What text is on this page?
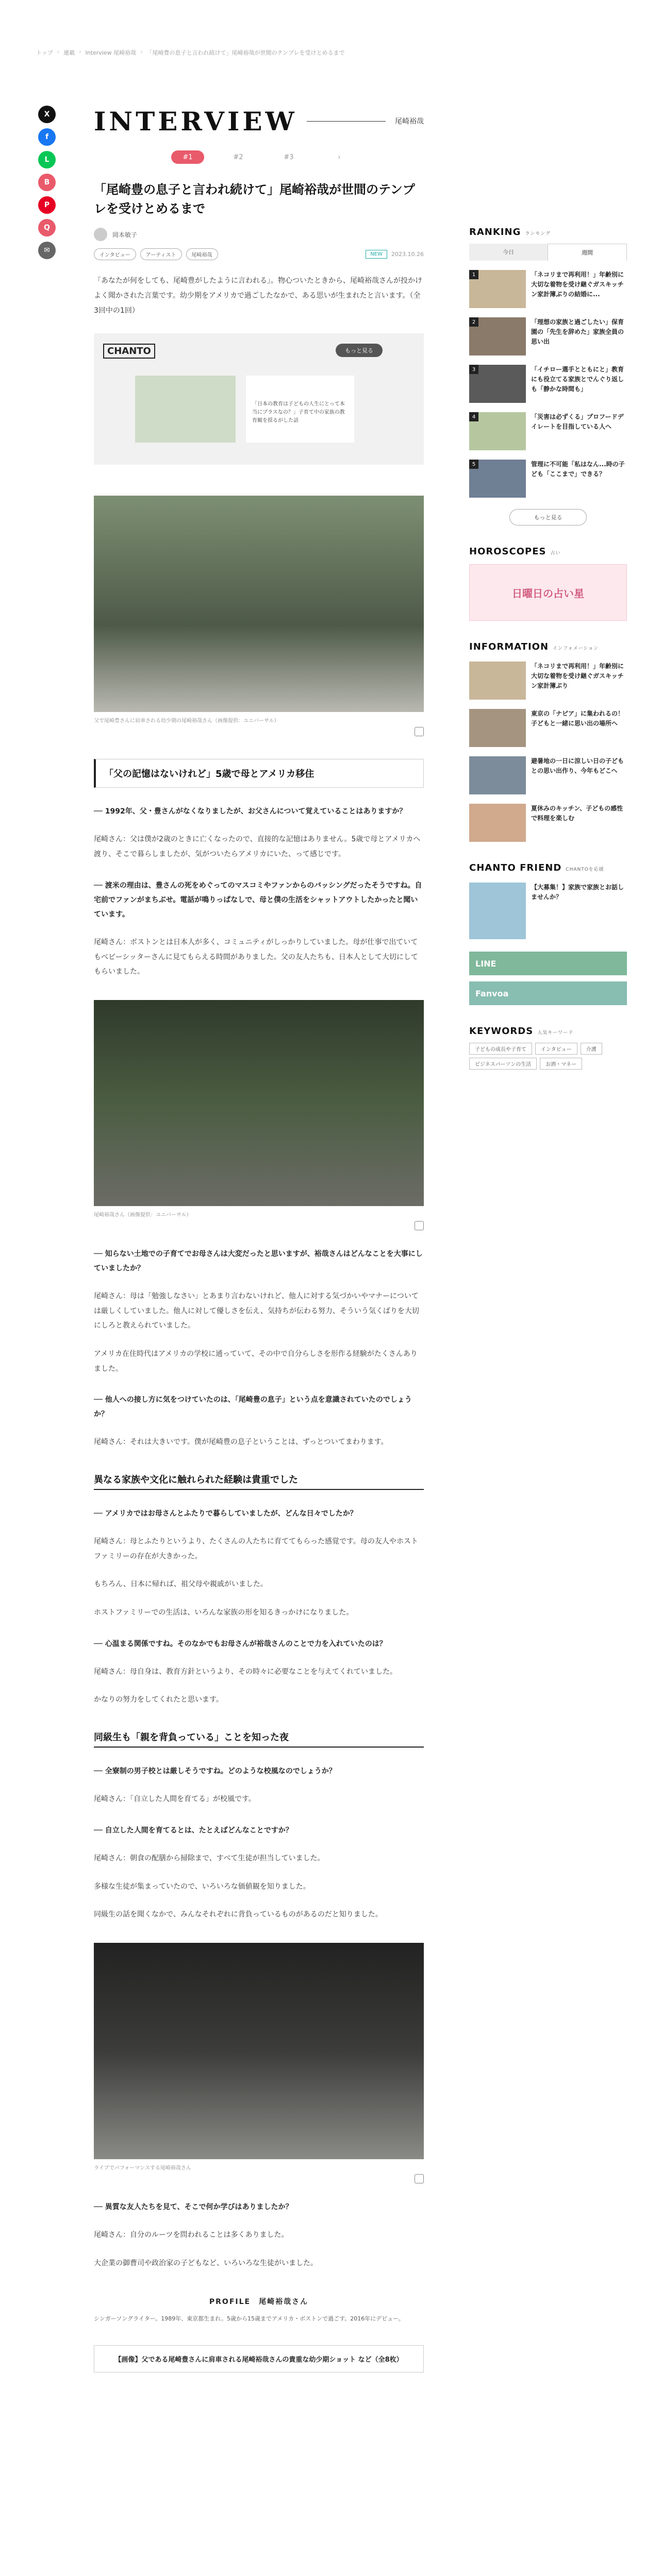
トップ › 連載 › Interview 尾崎裕哉 › 「尾崎豊の息子と言われ続けて」尾崎裕哉が世間のテンプレを受けとめるまで
X
f
L
B
P
Q
✉
INTERVIEW	尾崎裕哉
#1	#2	#3	›
「尾崎豊の息子と言われ続けて」尾崎裕哉が世間のテンプレを受けとめるまで
岡本敏子
インタビュー	アーティスト	尾崎裕哉	NEW	2023.10.26

「あなたが何をしても、尾崎豊がしたように言われる」。物心ついたときから、尾崎裕哉さんが投かけよく聞かされた言葉です。幼少期をアメリカで過ごしたなかで、ある思いが生まれたと言います。（全3回中の1回）

CHANTO	もっと見る
「日本の教育は子どもの人生にとって本当にプラスなの？」子育て中の家族の教育観を揺るがした話
父で尾崎豊さんに肩車される幼少期の尾崎裕哉さん（画像提供：ユニバーサル）
「父の記憶はないけれど」5歳で母とアメリカ移住

── 1992年、父・豊さんがなくなりましたが、お父さんについて覚えていることはありますか？

尾崎さん：父は僕が2歳のときに亡くなったので、直接的な記憶はありません。5歳で母とアメリカへ渡り、そこで暮らしましたが、気がついたらアメリカにいた、って感じです。

── 渡米の理由は、豊さんの死をめぐってのマスコミやファンからのバッシングだったそうですね。自宅前でファンがまちぶせ。電話が鳴りっぱなしで、母と僕の生活をシャットアウトしたかったと聞いています。

尾崎さん：ボストンとは日本人が多く、コミュニティがしっかりしていました。母が仕事で出ていてもベビーシッターさんに見てもらえる時間がありました。父の友人たちも、日本人として大切にしてもらいました。

尾崎裕哉さん（画像提供：ユニバーサル）

── 知らない土地での子育てでお母さんは大変だったと思いますが、裕哉さんはどんなことを大事にしていましたか？

尾崎さん：母は「勉強しなさい」とあまり言わないけれど、他人に対する気づかいやマナーについては厳しくしていました。他人に対して優しさを伝え、気持ちが伝わる努力、そういう気くばりを大切にしろと教えられていました。

アメリカ在住時代はアメリカの学校に通っていて、その中で自分らしさを形作る経験がたくさんありました。

── 他人への接し方に気をつけていたのは、「尾崎豊の息子」という点を意識されていたのでしょうか？

尾崎さん：それは大きいです。僕が尾崎豊の息子ということは、ずっとついてまわります。

異なる家族や文化に触れられた経験は貴重でした

── アメリカではお母さんとふたりで暮らしていましたが、どんな日々でしたか？

尾崎さん：母とふたりというより、たくさんの人たちに育ててもらった感覚です。母の友人やホストファミリーの存在が大きかった。

もちろん、日本に帰れば、祖父母や親戚がいました。

ホストファミリーでの生活は、いろんな家族の形を知るきっかけになりました。

── 心温まる関係ですね。そのなかでもお母さんが裕哉さんのことで力を入れていたのは？

尾崎さん：母自身は、教育方針というより、その時々に必要なことを与えてくれていました。

かなりの努力をしてくれたと思います。

同級生も「親を背負っている」ことを知った夜

── 全寮制の男子校とは厳しそうですね。どのような校風なのでしょうか？

尾崎さん：「自立した人間を育てる」が校風です。

── 自立した人間を育てるとは、たとえばどんなことですか？

尾崎さん：朝食の配膳から掃除まで、すべて生徒が担当していました。

多様な生徒が集まっていたので、いろいろな価値観を知りました。

同級生の話を聞くなかで、みんなそれぞれに背負っているものがあるのだと知りました。

ライブでパフォーマンスする尾崎裕哉さん

── 異質な友人たちを見て、そこで何か学びはありましたか？

尾崎さん：自分のルーツを問われることは多くありました。

大企業の御曹司や政治家の子どもなど、いろいろな生徒がいました。

PROFILE　尾崎裕哉さん

シンガーソングライター。1989年、東京都生まれ。5歳から15歳までアメリカ・ボストンで過ごす。2016年にデビュー。

【画像】父である尾崎豊さんに肩車される尾崎裕哉さんの貴重な幼少期ショット など（全8枚）
RANKING ランキング
今日	週間
1	「ネコリまで再利用！」年齢別に大切な着物を受け継ぐガスキッチン家計簿ぶりの結婚に...
2	「理想の家族と過ごしたい」保育園の「先生を辞めた」家族全員の思い出
3	「イチロー選手とともにと」教育にも役立てる家族とでんぐり返しも「静かな時間も」
4	「災害は必ずくる」プロフードデイレートを目指している人へ
5	管理に不可能「私はなん...時の子ども「ここまで」できる？
もっと見る
HOROSCOPES 占い
日曜日の占い星
INFORMATION インフォメーション
「ネコリまで再利用！」年齢別に大切な着物を受け継ぐガスキッチン家計簿ぶり
東京の「ナピア」に集われるの！子どもと一緒に思い出の場所へ
避暑地の一日に涼しい日の子どもとの思い出作り、今年もどこへ
夏休みのキッチン、子どもの感性で料理を楽しむ
CHANTO FRIEND CHANTOを応援
【大募集！】家族で家族とお話しませんか？
LINE
Fanvoa
KEYWORDS 人気キーワード
子どもの成長や子育て	インタビュー	介護
ビジネスパーソンの生活	お酒・マネー
